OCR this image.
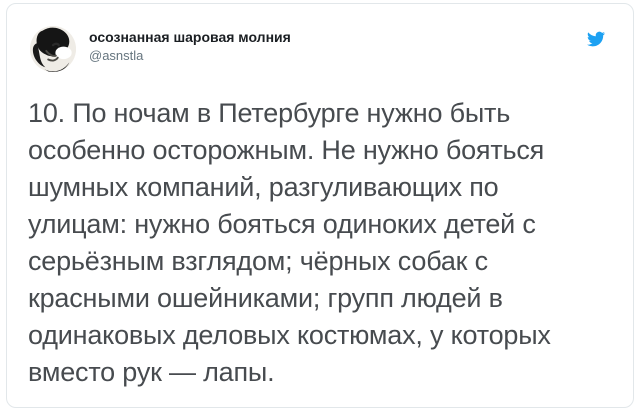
осознанная шаровая молния
@asnstla
10. По ночам в Петербурге нужно быть
особенно осторожным. Не нужно бояться
шумных компаний, разгуливающих по
улицам: нужно бояться одиноких детей с
серьёзным взглядом; чёрных собак с
красными ошейниками; групп людей в
одинаковых деловых костюмах, у которых
вместо рук — лапы.
